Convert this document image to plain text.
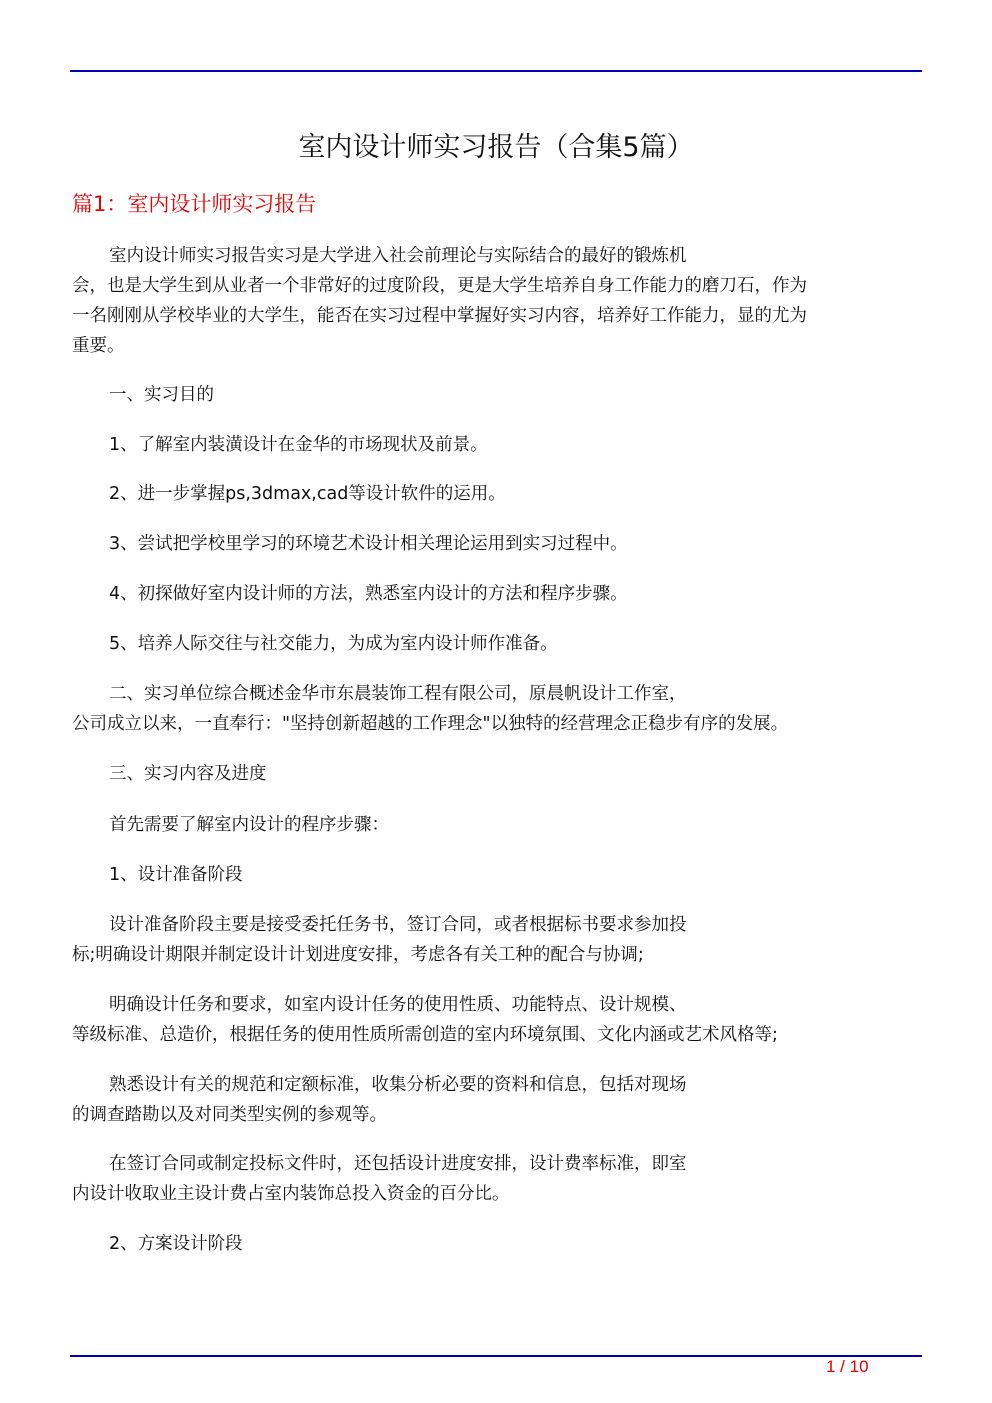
室内设计师实习报告（合集5篇）
篇1：室内设计师实习报告
室内设计师实习报告实习是大学进入社会前理论与实际结合的最好的锻炼机
会，也是大学生到从业者一个非常好的过度阶段，更是大学生培养自身工作能力的磨刀石，作为
一名刚刚从学校毕业的大学生，能否在实习过程中掌握好实习内容，培养好工作能力，显的尤为
重要。
一、实习目的
1、了解室内装潢设计在金华的市场现状及前景。
2、进一步掌握ps,3dmax,cad等设计软件的运用。
3、尝试把学校里学习的环境艺术设计相关理论运用到实习过程中。
4、初探做好室内设计师的方法，熟悉室内设计的方法和程序步骤。
5、培养人际交往与社交能力，为成为室内设计师作准备。
二、实习单位综合概述金华市东晨装饰工程有限公司，原晨帆设计工作室，
公司成立以来，一直奉行："坚持创新超越的工作理念"以独特的经营理念正稳步有序的发展。
三、实习内容及进度
首先需要了解室内设计的程序步骤：
1、设计准备阶段
设计准备阶段主要是接受委托任务书，签订合同，或者根据标书要求参加投
标;明确设计期限并制定设计计划进度安排，考虑各有关工种的配合与协调;
明确设计任务和要求，如室内设计任务的使用性质、功能特点、设计规模、
等级标准、总造价，根据任务的使用性质所需创造的室内环境氛围、文化内涵或艺术风格等;
熟悉设计有关的规范和定额标准，收集分析必要的资料和信息，包括对现场
的调查踏勘以及对同类型实例的参观等。
在签订合同或制定投标文件时，还包括设计进度安排，设计费率标准，即室
内设计收取业主设计费占室内装饰总投入资金的百分比。
2、方案设计阶段
1 / 10
